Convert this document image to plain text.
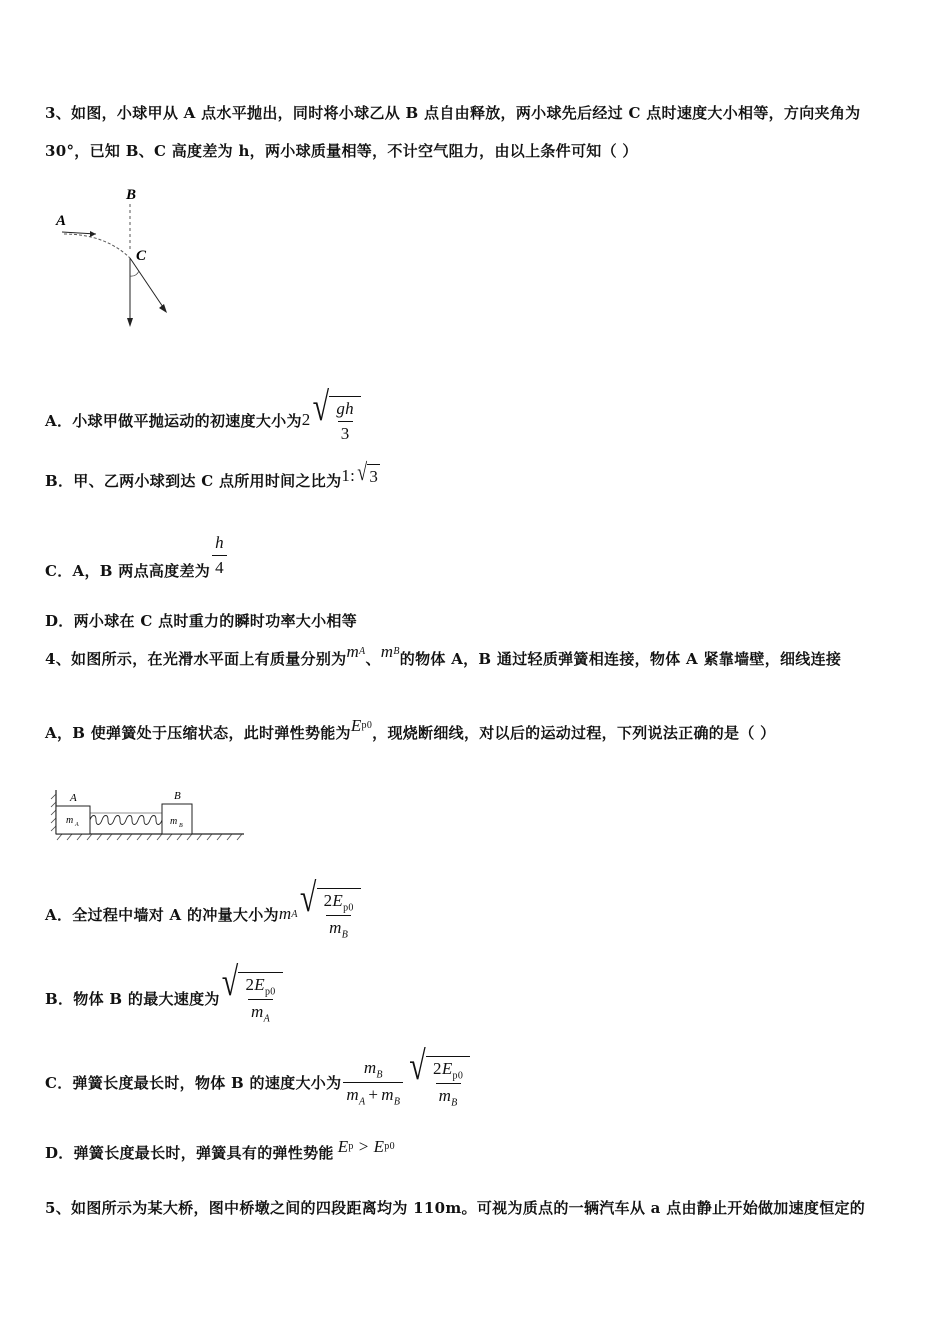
3、如图，小球甲从 A 点水平抛出，同时将小球乙从 B 点自由释放，两小球先后经过 C 点时速度大小相等，方向夹角为
30°，已知 B、C 高度差为 h，两小球质量相等，不计空气阻力，由以上条件可知（ ）
B
A
C
A．小球甲做平抛运动的初速度大小为 2 √ $\frac{gh}{3}$
B．甲、乙两小球到达 C 点所用时间之比为 1: √ 3
C．A，B 两点高度差为 $\frac{h}{4}$
D．两小球在 C 点时重力的瞬时功率大小相等
4、如图所示，在光滑水平面上有质量分别为 m A 、 m B 的物体 A，B 通过轻质弹簧相连接，物体 A 紧靠墙壁，细线连接
A，B 使弹簧处于压缩状态，此时弹性势能为 E p0 ，现烧断细线，对以后的运动过程，下列说法正确的是（ ）
A
m A
B
m B
A．全过程中墙对 A 的冲量大小为 m A √ $\frac{2E_{p0}}{m_B}$
B．物体 B 的最大速度为 √ $\frac{2E_{p0}}{m_A}$
C．弹簧长度最长时，物体 B 的速度大小为 $\frac{m_B}{m_A + m_B}$ √ $\frac{2E_{p0}}{m_B}$
D．弹簧长度最长时，弹簧具有的弹性势能 E p > E p0
5、如图所示为某大桥，图中桥墩之间的四段距离均为 110m。可视为质点的一辆汽车从 a 点由静止开始做加速度恒定的
